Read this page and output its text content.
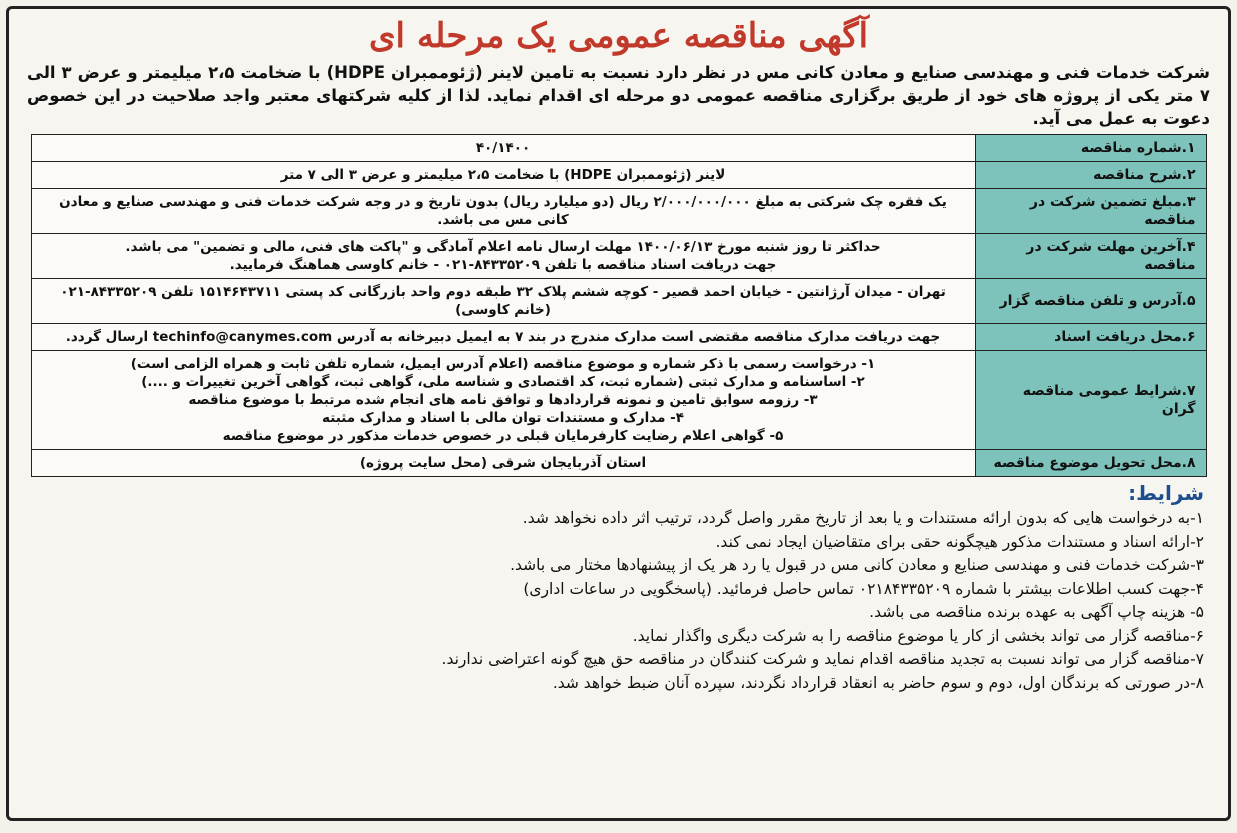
آگهی مناقصه عمومی یک مرحله ای
شرکت خدمات فنی و مهندسی صنایع و معادن کانی مس در نظر دارد نسبت به تامین لاینر (ژئوممبران HDPE) با ضخامت ۲،۵ میلیمتر و عرض ۳ الی ۷ متر یکی از پروژه های خود از طریق برگزاری مناقصه عمومی دو مرحله ای اقدام نماید. لذا از کلیه شرکتهای معتبر واجد صلاحیت در این خصوص دعوت به عمل می آید.
۱.شماره مناقصه	۴۰/۱۴۰۰
۲.شرح مناقصه	لاینر (ژئوممبران HDPE) با ضخامت ۲،۵ میلیمتر و عرض ۳ الی ۷ متر
۳.مبلغ تضمین شرکت در مناقصه	یک فقره چک شرکتی به مبلغ ۲/۰۰۰/۰۰۰/۰۰۰ ریال (دو میلیارد ریال) بدون تاریخ و در وجه شرکت خدمات فنی و مهندسی صنایع و معادن کانی مس می باشد.
۴.آخرین مهلت شرکت در مناقصه	حداکثر تا روز شنبه مورخ ۱۴۰۰/۰۶/۱۳ مهلت ارسال نامه اعلام آمادگی و "پاکت های فنی، مالی و تضمین" می باشد.
جهت دریافت اسناد مناقصه با تلفن ۸۴۳۳۵۲۰۹-۰۲۱ - خانم کاوسی هماهنگ فرمایید.

۵.آدرس و تلفن مناقصه گزار	تهران - میدان آرژانتین - خیابان احمد قصیر - کوچه ششم پلاک ۳۲ طبقه دوم واحد بازرگانی کد پستی ۱۵۱۴۶۴۳۷۱۱ تلفن ۸۴۳۳۵۲۰۹-۰۲۱ (خانم کاوسی)
۶.محل دریافت اسناد	جهت دریافت مدارک مناقصه مقتضی است مدارک مندرج در بند ۷ به ایمیل دبیرخانه به آدرس techinfo@canymes.com ارسال گردد.
۷.شرایط عمومی مناقصه گران	۱- درخواست رسمی با ذکر شماره و موضوع مناقصه (اعلام آدرس ایمیل، شماره تلفن ثابت و همراه الزامی است)
۲- اساسنامه و مدارک ثبتی (شماره ثبت، کد اقتصادی و شناسه ملی، گواهی ثبت، گواهی آخرین تغییرات و ....)
۳- رزومه سوابق تامین و نمونه قراردادها و توافق نامه های انجام شده مرتبط با موضوع مناقصه
۴- مدارک و مستندات توان مالی با اسناد و مدارک مثبته
۵- گواهی اعلام رضایت کارفرمایان قبلی در خصوص خدمات مذکور در موضوع مناقصه

۸.محل تحویل موضوع مناقصه	استان آذربایجان شرقی (محل سایت پروژه)
شرایط:
۱-به درخواست هایی که بدون ارائه مستندات و یا بعد از تاریخ مقرر واصل گردد، ترتیب اثر داده نخواهد شد.
۲-ارائه اسناد و مستندات مذکور هیچگونه حقی برای متقاضیان ایجاد نمی کند.
۳-شرکت خدمات فنی و مهندسی صنایع و معادن کانی مس در قبول یا رد هر یک از پیشنهادها مختار می باشد.
۴-جهت کسب اطلاعات بیشتر با شماره ۰۲۱۸۴۳۳۵۲۰۹ تماس حاصل فرمائید. (پاسخگویی در ساعات اداری)
۵- هزینه چاپ آگهی به عهده برنده مناقصه می باشد.
۶-مناقصه گزار می تواند بخشی از کار یا موضوع مناقصه را به شرکت دیگری واگذار نماید.
۷-مناقصه گزار می تواند نسبت به تجدید مناقصه اقدام نماید و شرکت کنندگان در مناقصه حق هیچ گونه اعتراضی ندارند.
۸-در صورتی که برندگان اول، دوم و سوم حاضر به انعقاد قرارداد نگردند، سپرده آنان ضبط خواهد شد.
